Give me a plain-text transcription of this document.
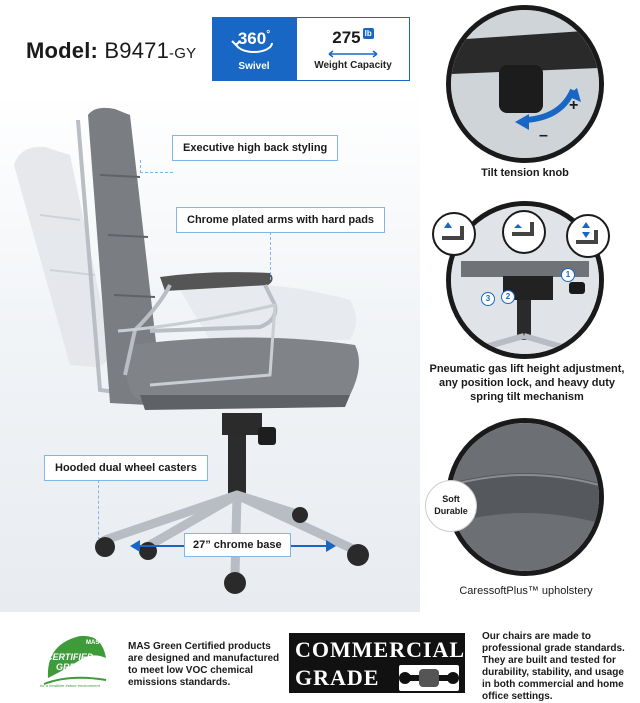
Model: B9471-GY
360°
Swivel
275 lb
Weight Capacity
Executive high back styling
Chrome plated arms with hard pads
Hooded dual wheel casters
27” chrome base
+
–
Tilt tension knob
3	2
1
Pneumatic gas lift height adjustment,
any position lock, and heavy duty
spring tilt mechanism
Soft
Durable
CaressoftPlus™ upholstery
MAS
CERTIFIED
GREEN
for a healthier indoor environment
MAS Green Certified products
are designed and manufactured
to meet low VOC chemical
emissions standards.
COMMERCIAL
GRADE
Our chairs are made to
professional grade standards.
They are built and tested for
durability, stability, and usage
in both commercial and home
office settings.
